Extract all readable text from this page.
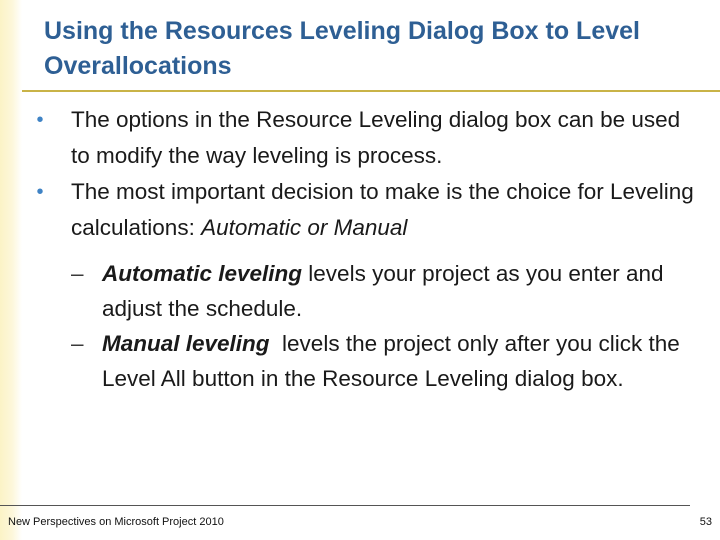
Using the Resources Leveling Dialog Box to Level Overallocations
• The options in the Resource Leveling dialog box can be used to modify the way leveling is process.
• The most important decision to make is the choice for Leveling calculations: Automatic or Manual
– Automatic leveling levels your project as you enter and adjust the schedule.
– Manual leveling  levels the project only after you click the Level All button in the Resource Leveling dialog box.
New Perspectives on Microsoft Project 2010	53
